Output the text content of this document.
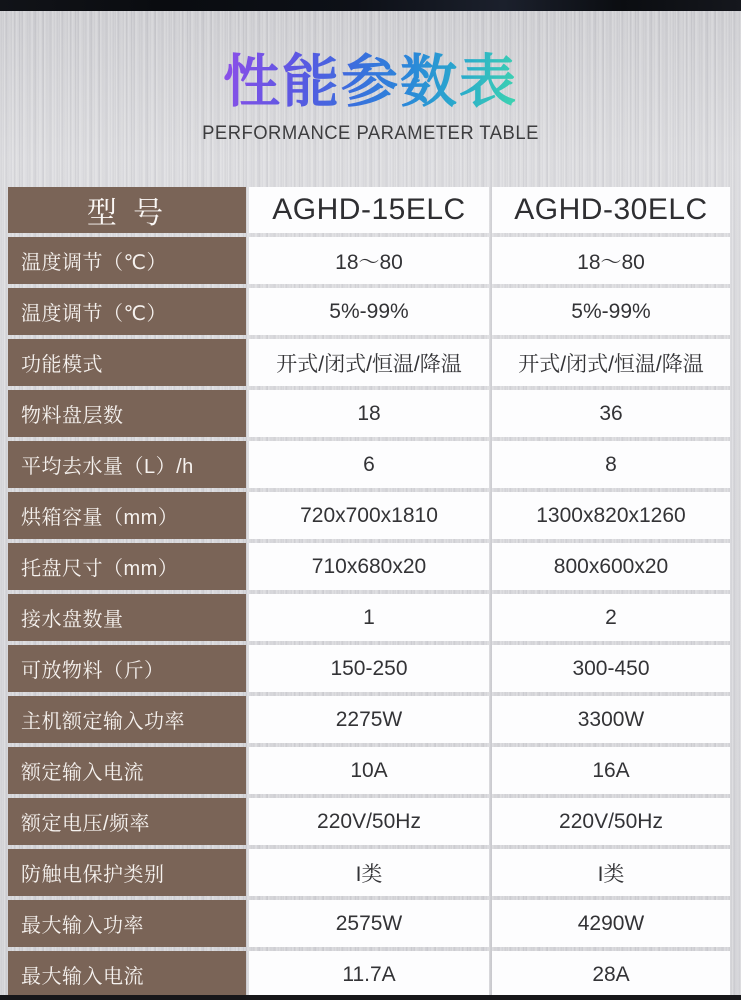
性能参数表
PERFORMANCE PARAMETER TABLE
型 号	AGHD-15ELC	AGHD-30ELC
温度调节（℃）	18～80	18～80
温度调节（℃）	5%-99%	5%-99%
功能模式	开式/闭式/恒温/降温	开式/闭式/恒温/降温
物料盘层数	18	36
平均去水量（L）/h	6	8
烘箱容量（mm）	720x700x1810	1300x820x1260
托盘尺寸（mm）	710x680x20	800x600x20
接水盘数量	1	2
可放物料（斤）	150-250	300-450
主机额定输入功率	2275W	3300W
额定输入电流	10A	16A
额定电压/频率	220V/50Hz	220V/50Hz
防触电保护类别	I类	I类
最大输入功率	2575W	4290W
最大输入电流	11.7A	28A
